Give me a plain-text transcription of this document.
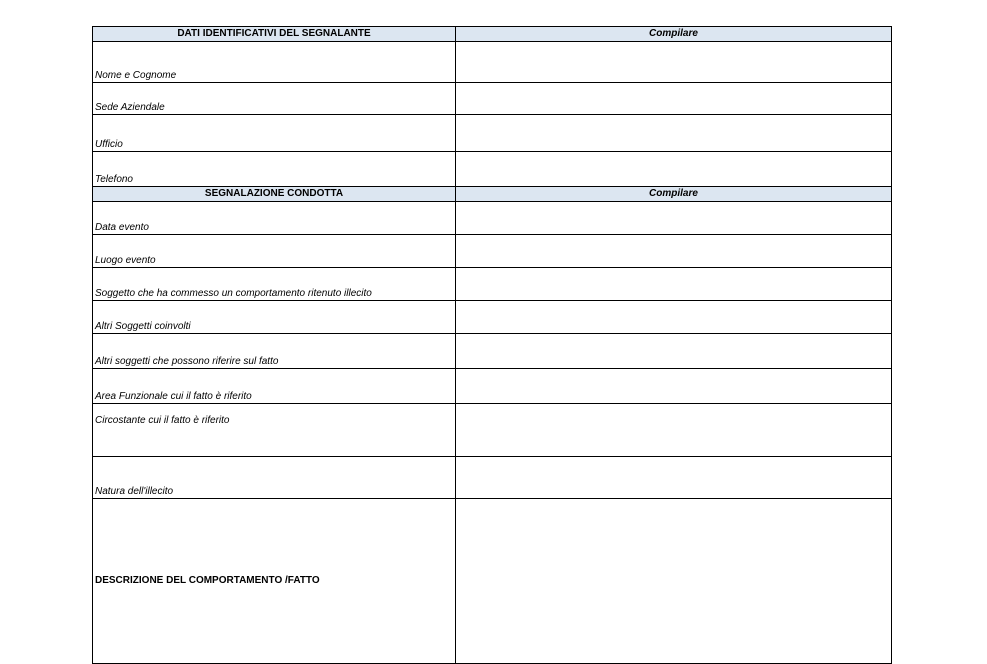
DATI IDENTIFICATIVI DEL SEGNALANTE	Compilare
Nome e Cognome	
Sede Aziendale	
Ufficio	
Telefono	
SEGNALAZIONE CONDOTTA	Compilare
Data evento	
Luogo evento	
Soggetto che ha commesso un comportamento ritenuto illecito	
Altri Soggetti coinvolti	
Altri soggetti che possono riferire sul fatto	
Area Funzionale cui il fatto è riferito	
Circostante cui il fatto è riferito	
Natura dell'illecito	
DESCRIZIONE DEL COMPORTAMENTO /FATTO	
